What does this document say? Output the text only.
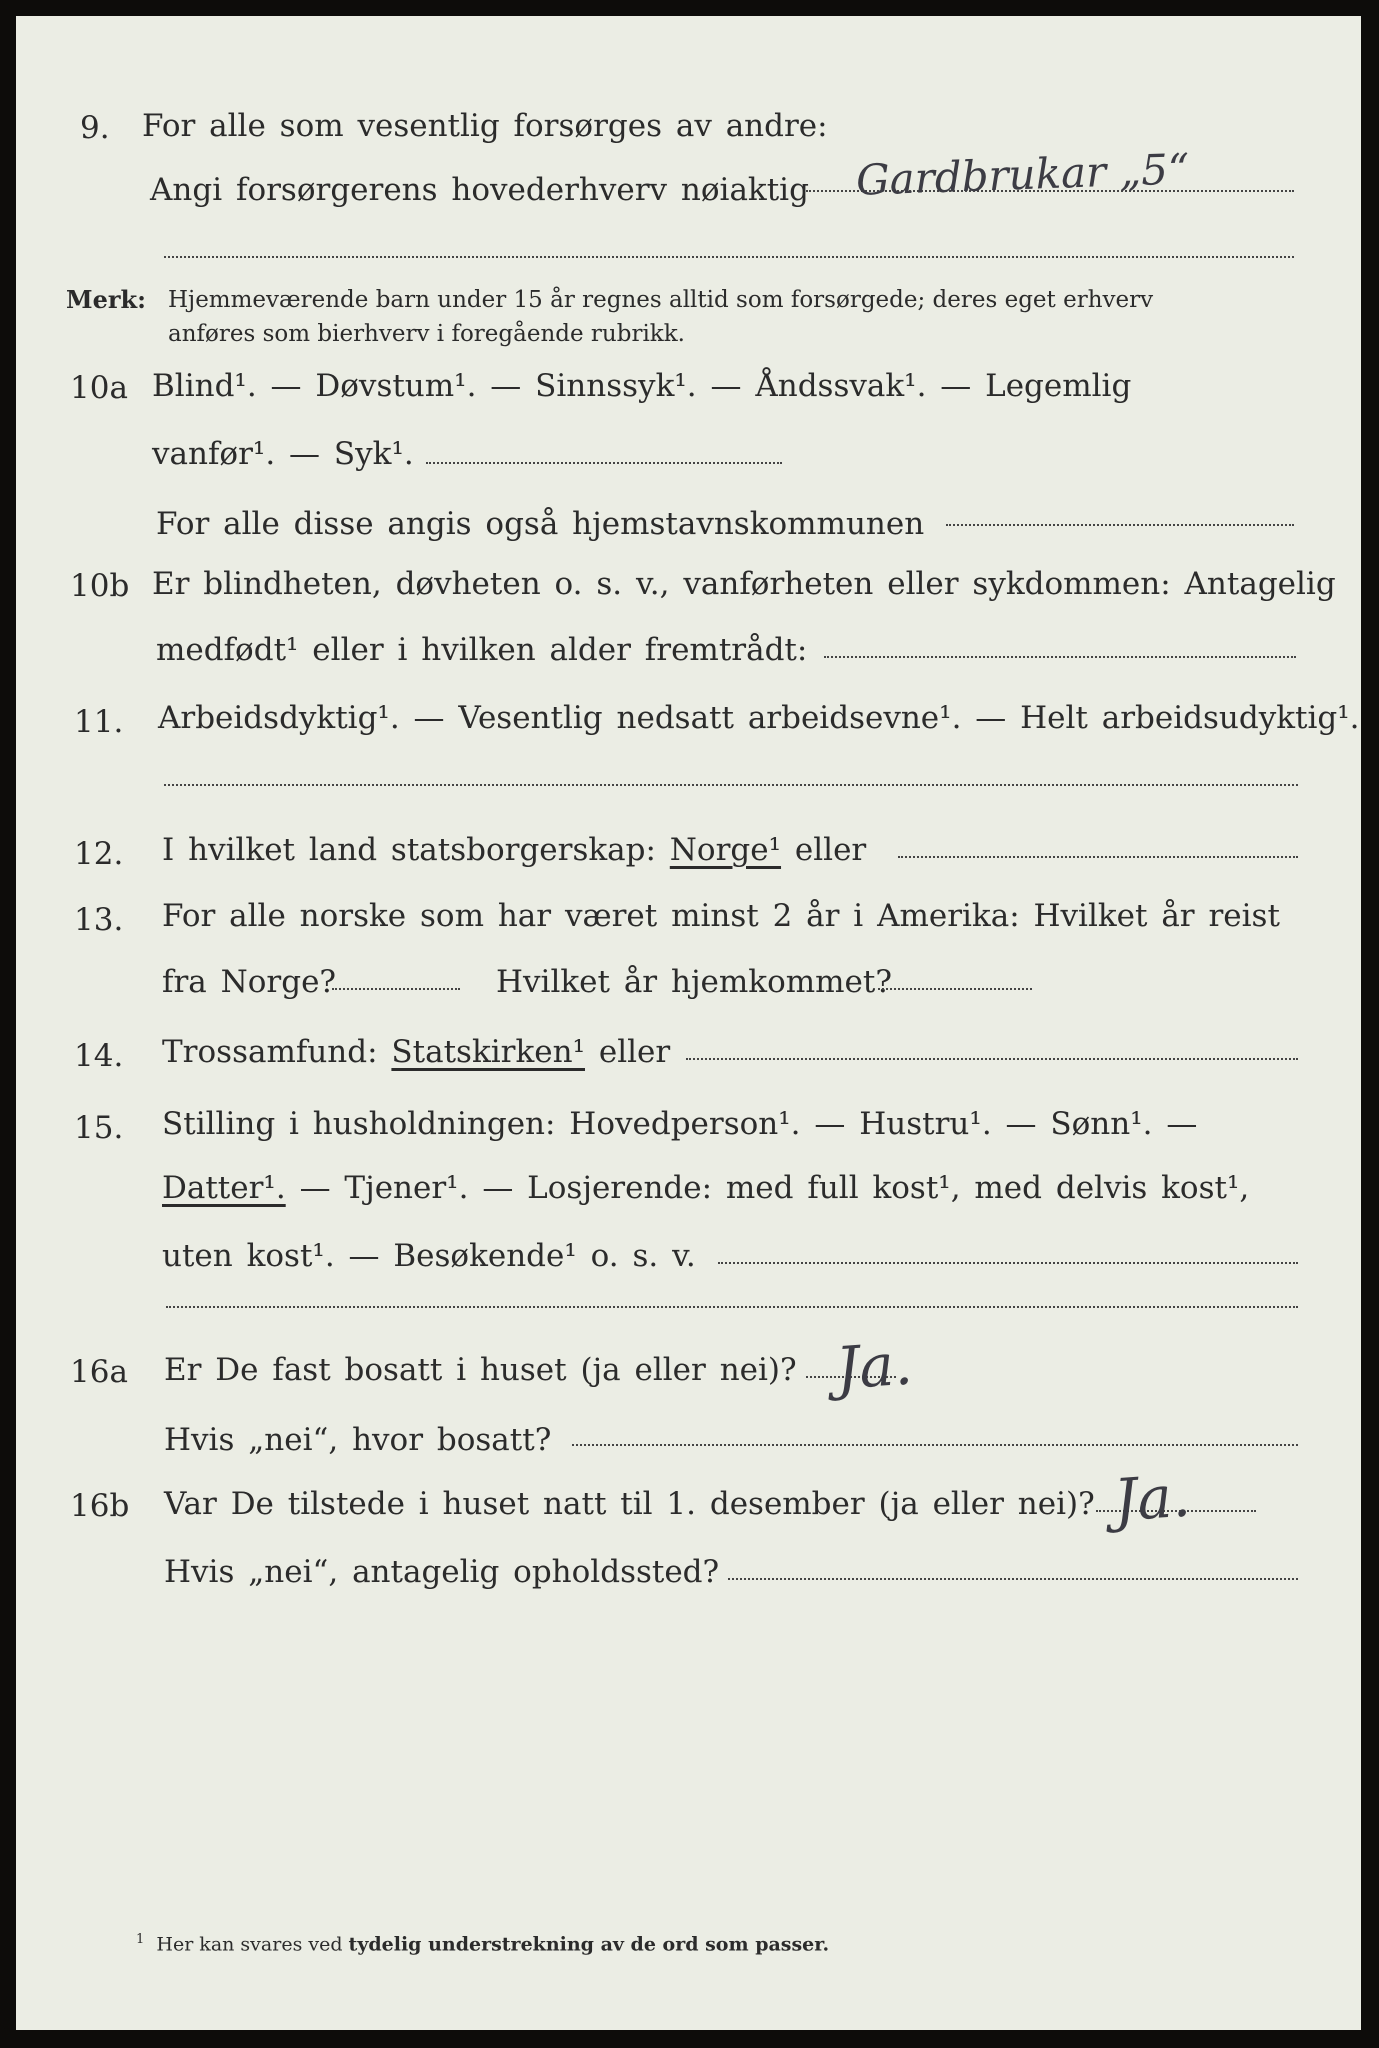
9. For alle som vesentlig forsørges av andre:
Angi forsørgerens hovederhverv nøiaktig Gardbrukar „5“
Merk: Hjemmeværende barn under 15 år regnes alltid som forsørgede; deres eget erhverv
anføres som bierhverv i foregående rubrikk.
10a Blind¹. — Døvstum¹. — Sinnssyk¹. — Åndssvak¹. — Legemlig
vanfør¹. — Syk¹.
For alle disse angis også hjemstavnskommunen
10b Er blindheten, døvheten o. s. v., vanførheten eller sykdommen: Antagelig
medfødt¹ eller i hvilken alder fremtrådt:
11. Arbeidsdyktig¹. — Vesentlig nedsatt arbeidsevne¹. — Helt arbeidsudyktig¹.
12. I hvilket land statsborgerskap: Norge¹ eller
13. For alle norske som har været minst 2 år i Amerika: Hvilket år reist
fra Norge?	Hvilket år hjemkommet?
14. Trossamfund: Statskirken¹ eller
15. Stilling i husholdningen: Hovedperson¹. — Hustru¹. — Sønn¹. —
Datter¹. — Tjener¹. — Losjerende: med full kost¹, med delvis kost¹,
uten kost¹. — Besøkende¹ o. s. v.
16a Er De fast bosatt i huset (ja eller nei)? Ja.
Hvis „nei“, hvor bosatt?
16b Var De tilstede i huset natt til 1. desember (ja eller nei)? Ja.
Hvis „nei“, antagelig opholdssted?
$^1$ Her kan svares ved tydelig understrekning av de ord som passer.
